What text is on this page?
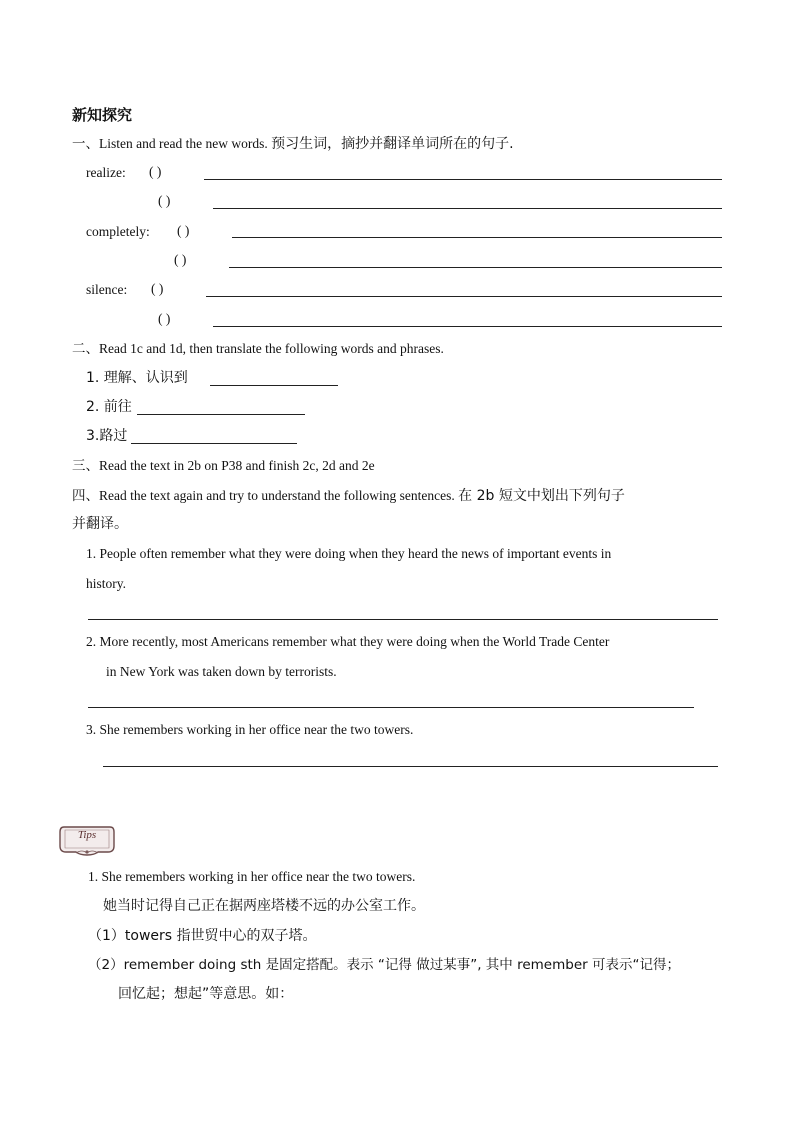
新知探究
一、Listen and read the new words. 预习生词，摘抄并翻译单词所在的句子.
realize: ( )
( )
completely: ( )
( )
silence: ( )
( )
二、Read 1c and 1d, then translate the following words and phrases.
1. 理解、认识到
2. 前往
3.路过
三、Read the text in 2b on P38 and finish 2c, 2d and 2e
四、Read the text again and try to understand the following sentences. 在 2b 短文中划出下列句子
并翻译。
1. People often remember what they were doing when they heard the news of important events in
history.
2. More recently, most Americans remember what they were doing when the World Trade Center
in New York was taken down by terrorists.
3. She remembers working in her office near the two towers.
Tips
1. She remembers working in her office near the two towers.
她当时记得自己正在据两座塔楼不远的办公室工作。
（1）towers 指世贸中心的双子塔。
（2）remember doing sth 是固定搭配。表示 “记得 做过某事”, 其中 remember 可表示“记得；
回忆起；想起”等意思。如：
